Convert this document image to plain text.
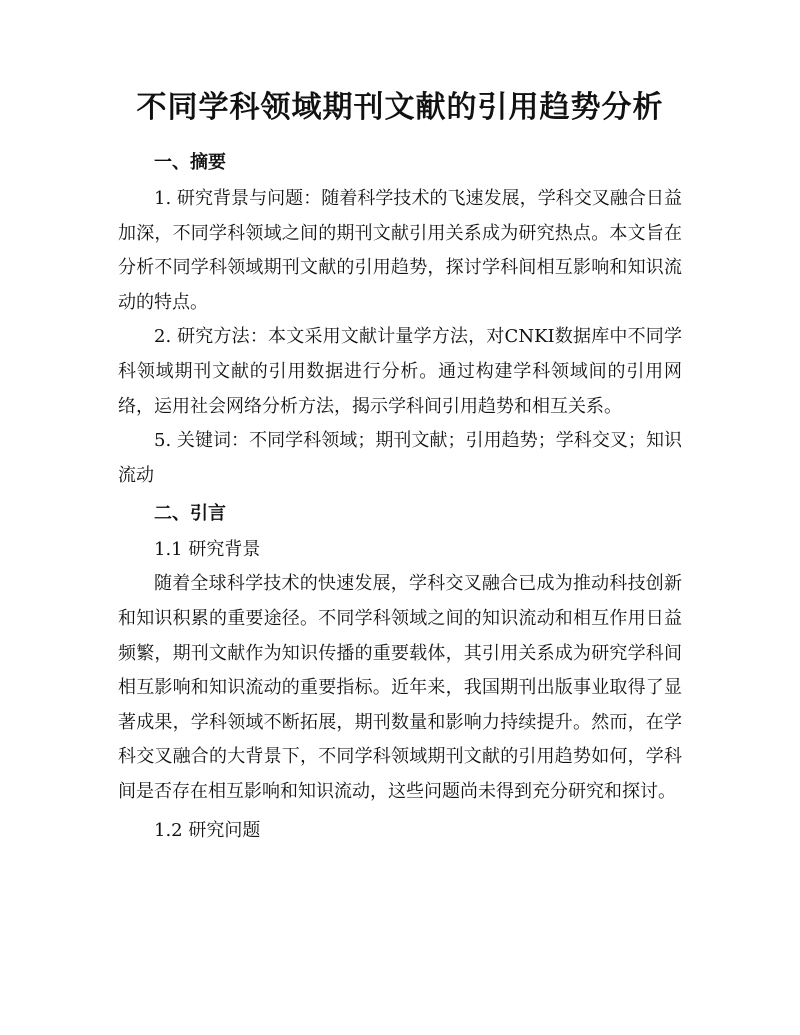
不同学科领域期刊文献的引用趋势分析
一、摘要

1. 研究背景与问题：随着科学技术的飞速发展，学科交叉融合日益加深，不同学科领域之间的期刊文献引用关系成为研究热点。本文旨在分析不同学科领域期刊文献的引用趋势，探讨学科间相互影响和知识流动的特点。

2. 研究方法：本文采用文献计量学方法，对CNKI数据库中不同学科领域期刊文献的引用数据进行分析。通过构建学科领域间的引用网络，运用社会网络分析方法，揭示学科间引用趋势和相互关系。

5. 关键词：不同学科领域；期刊文献；引用趋势；学科交叉；知识流动

二、引言

1.1 研究背景

随着全球科学技术的快速发展，学科交叉融合已成为推动科技创新和知识积累的重要途径。不同学科领域之间的知识流动和相互作用日益频繁，期刊文献作为知识传播的重要载体，其引用关系成为研究学科间相互影响和知识流动的重要指标。近年来，我国期刊出版事业取得了显著成果，学科领域不断拓展，期刊数量和影响力持续提升。然而，在学科交叉融合的大背景下，不同学科领域期刊文献的引用趋势如何，学科间是否存在相互影响和知识流动，这些问题尚未得到充分研究和探讨。

1.2 研究问题
